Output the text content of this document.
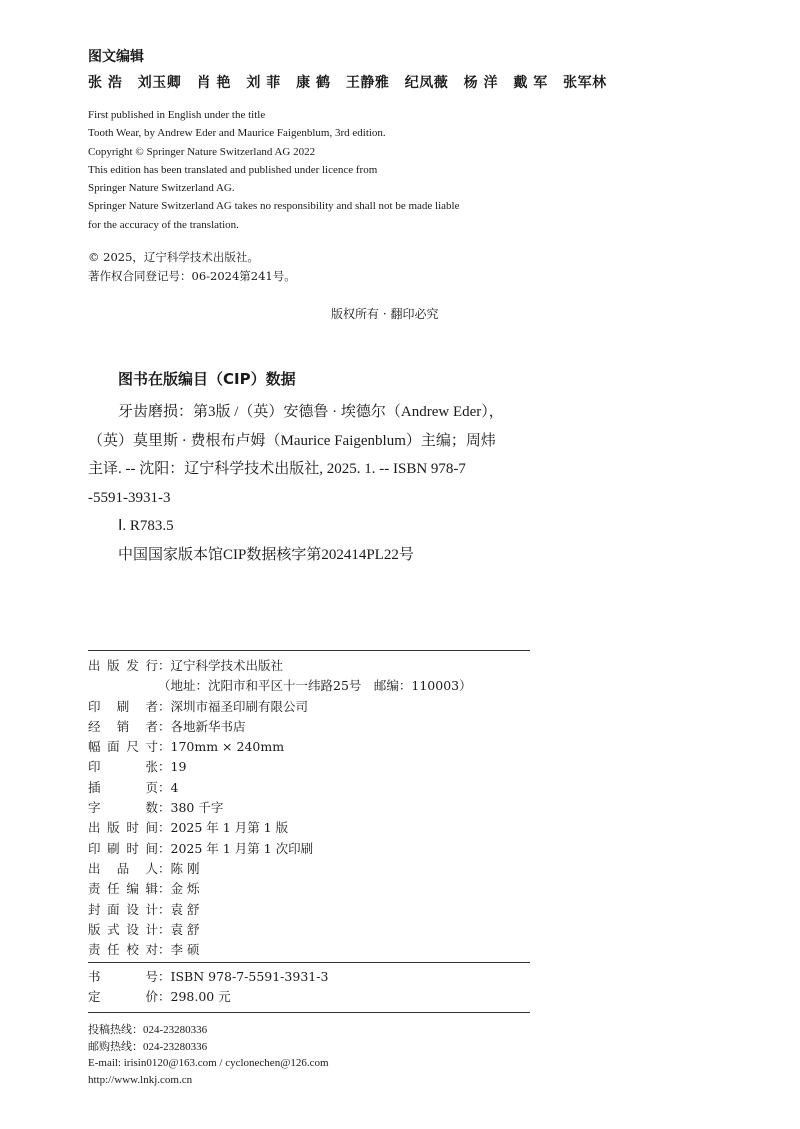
图文编辑
张 浩 刘玉卿 肖 艳 刘 菲 康 鹤 王静雅 纪凤薇 杨 洋 戴 军 张军林
First published in English under the title
Tooth Wear, by Andrew Eder and Maurice Faigenblum, 3rd edition.
Copyright © Springer Nature Switzerland AG 2022
This edition has been translated and published under licence from
Springer Nature Switzerland AG.
Springer Nature Switzerland AG takes no responsibility and shall not be made liable
for the accuracy of the translation.
© 2025，辽宁科学技术出版社。
著作权合同登记号：06-2024第241号。
版权所有 · 翻印必究
图书在版编目（CIP）数据
牙齿磨损：第3版 /（英）安德鲁 · 埃德尔（Andrew Eder），
（英）莫里斯 · 费根布卢姆（Maurice Faigenblum）主编；周炜
主译. -- 沈阳：辽宁科学技术出版社, 2025. 1. -- ISBN 978-7
-5591-3931-3
Ⅰ. R783.5
中国国家版本馆CIP数据核字第202414PL22号
出版发行：辽宁科学技术出版社
（地址：沈阳市和平区十一纬路25号　邮编：110003）
印刷者：深圳市福圣印刷有限公司
经销者：各地新华书店
幅面尺寸：170mm × 240mm
印张：19
插页：4
字数：380 千字
出版时间：2025 年 1 月第 1 版
印刷时间：2025 年 1 月第 1 次印刷
出品人：陈 刚
责任编辑：金 烁
封面设计：袁 舒
版式设计：袁 舒
责任校对：李 硕
书号：ISBN 978-7-5591-3931-3
定价：298.00 元
投稿热线：024-23280336
邮购热线：024-23280336
E-mail: irisin0120@163.com / cyclonechen@126.com
http://www.lnkj.com.cn
